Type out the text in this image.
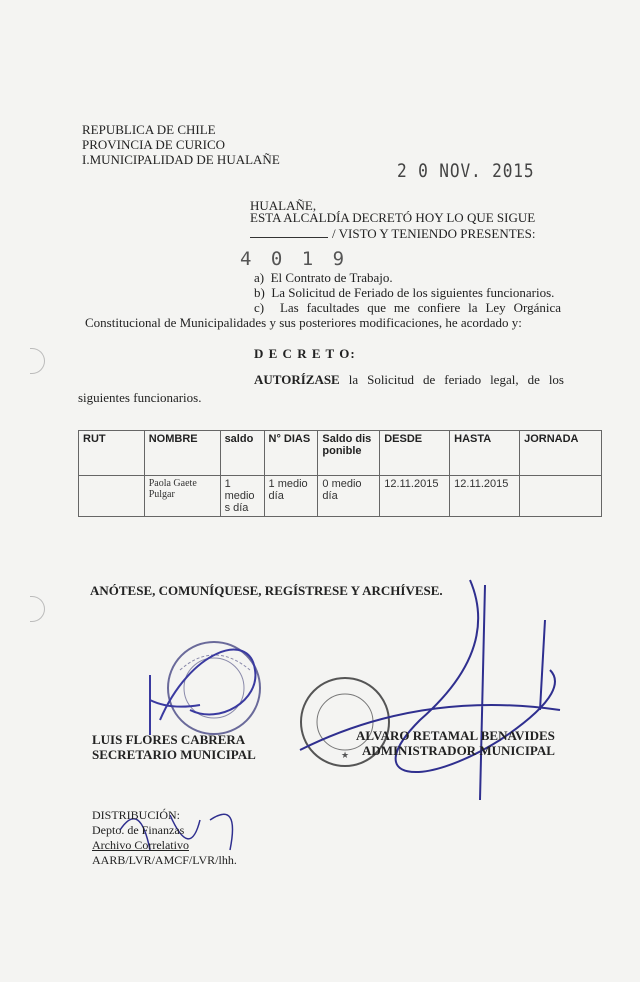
REPUBLICA DE CHILE
PROVINCIA DE CURICO
I.MUNICIPALIDAD DE HUALAÑE
2 0 NOV. 2015
HUALAÑE,
ESTA ALCALDÍA DECRETÓ HOY LO QUE SIGUE
/ VISTO Y TENIENDO PRESENTES:
4 0 1 9
a) El Contrato de Trabajo.
b) La Solicitud de Feriado de los siguientes funcionarios.
c) Las facultades que me confiere la Ley Orgánica
Constitucional de Municipalidades y sus posteriores modificaciones, he acordado y:
D E C R E T O:
AUTORÍZASE la Solicitud de feriado legal, de los
siguientes funcionarios.
RUT	NOMBRE	saldo	N° DIAS	Saldo disponible	DESDE	HASTA	JORNADA
	Paola Gaete Pulgar	1 medio s día	1 medio día	0 medio día	12.11.2015	12.11.2015	
ANÓTESE, COMUNÍQUESE, REGÍSTRESE Y ARCHÍVESE.
★
LUIS FLORES CABRERA
SECRETARIO MUNICIPAL
ALVARO RETAMAL BENAVIDES
ADMINISTRADOR MUNICIPAL
DISTRIBUCIÓN:
Depto. de Finanzas
Archivo Correlativo
AARB/LVR/AMCF/LVR/lhh.
